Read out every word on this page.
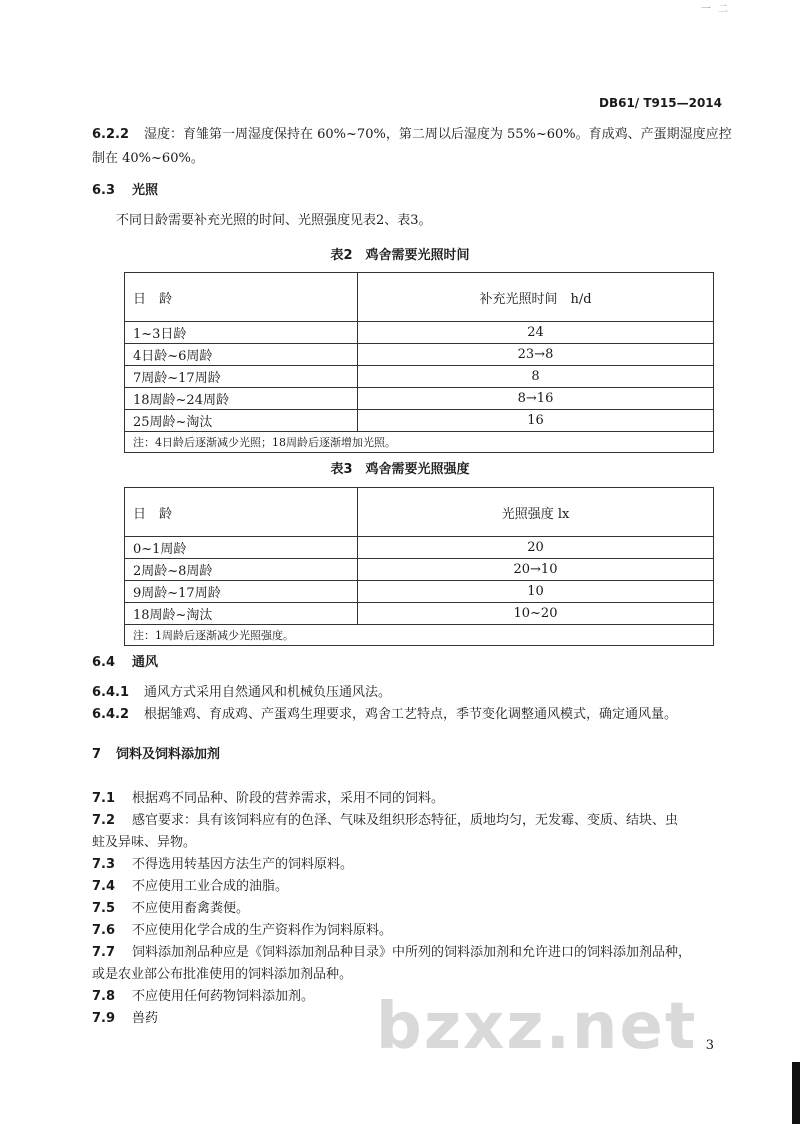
一 二
DB61/ T915—2014
6.2.2 湿度：育雏第一周湿度保持在 60%~70%，第二周以后湿度为 55%~60%。育成鸡、产蛋期湿度应控
制在 40%~60%。
6.3 光照
不同日龄需要补充光照的时间、光照强度见表2、表3。
表2　鸡舍需要光照时间
日　龄	补充光照时间　h/d
1~3日龄	24
4日龄~6周龄	23→8
7周龄~17周龄	8
18周龄~24周龄	8→16
25周龄~淘汰	16
注：4日龄后逐渐减少光照；18周龄后逐渐增加光照。	
表3　鸡舍需要光照强度
日　龄	光照强度 lx
0~1周龄	20
2周龄~8周龄	20→10
9周龄~17周龄	10
18周龄~淘汰	10~20
注：1周龄后逐渐减少光照强度。	
6.4 通风
6.4.1 通风方式采用自然通风和机械负压通风法。
6.4.2 根据雏鸡、育成鸡、产蛋鸡生理要求，鸡舍工艺特点，季节变化调整通风模式，确定通风量。
7 饲料及饲料添加剂
7.1 根据鸡不同品种、阶段的营养需求，采用不同的饲料。
7.2 感官要求：具有该饲料应有的色泽、气味及组织形态特征，质地均匀，无发霉、变质、结块、虫
蛀及异味、异物。
7.3 不得选用转基因方法生产的饲料原料。
7.4 不应使用工业合成的油脂。
7.5 不应使用畜禽粪便。
7.6 不应使用化学合成的生产资料作为饲料原料。
7.7 饲料添加剂品种应是《饲料添加剂品种目录》中所列的饲料添加剂和允许进口的饲料添加剂品种，
或是农业部公布批准使用的饲料添加剂品种。
7.8 不应使用任何药物饲料添加剂。
7.9 兽药	bzxz.net 3
